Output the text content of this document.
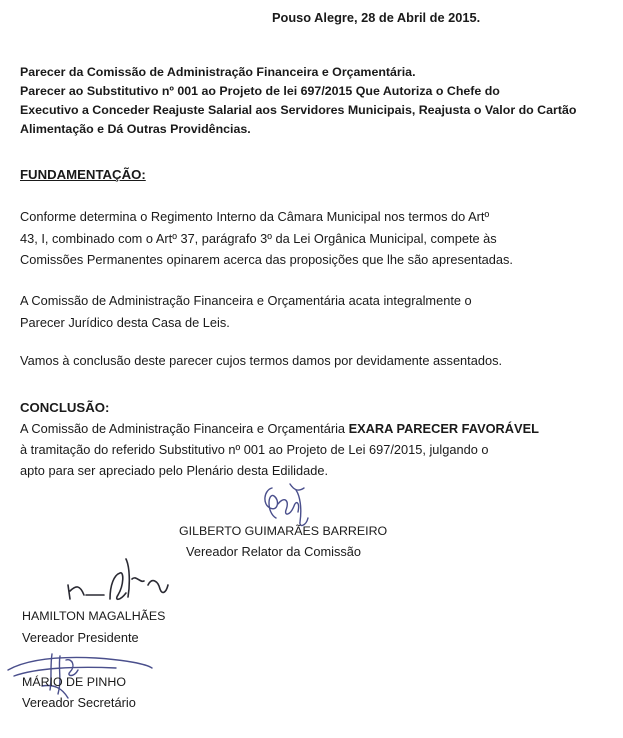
Pouso Alegre, 28 de Abril de 2015.
Parecer da Comissão de Administração Financeira e Orçamentária.
Parecer ao Substitutivo nº 001 ao Projeto de lei 697/2015 Que Autoriza o Chefe do
Executivo a Conceder Reajuste Salarial aos Servidores Municipais, Reajusta o Valor do Cartão
Alimentação e Dá Outras Providências.
FUNDAMENTAÇÃO:
Conforme determina o Regimento Interno da Câmara Municipal nos termos do Artº
43, I, combinado com o Artº 37, parágrafo 3º da Lei Orgânica Municipal, compete às
Comissões Permanentes opinarem acerca das proposições que lhe são apresentadas.
A Comissão de Administração Financeira e Orçamentária acata integralmente o
Parecer Jurídico desta Casa de Leis.
Vamos à conclusão deste parecer cujos termos damos por devidamente assentados.
CONCLUSÃO:
A Comissão de Administração Financeira e Orçamentária EXARA PARECER FAVORÁVEL
à tramitação do referido Substitutivo nº 001 ao Projeto de Lei 697/2015, julgando o
apto para ser apreciado pelo Plenário desta Edilidade.
GILBERTO GUIMARÃES BARREIRO
Vereador Relator da Comissão
HAMILTON MAGALHÃES
Vereador Presidente
MÁRIO DE PINHO
Vereador Secretário
